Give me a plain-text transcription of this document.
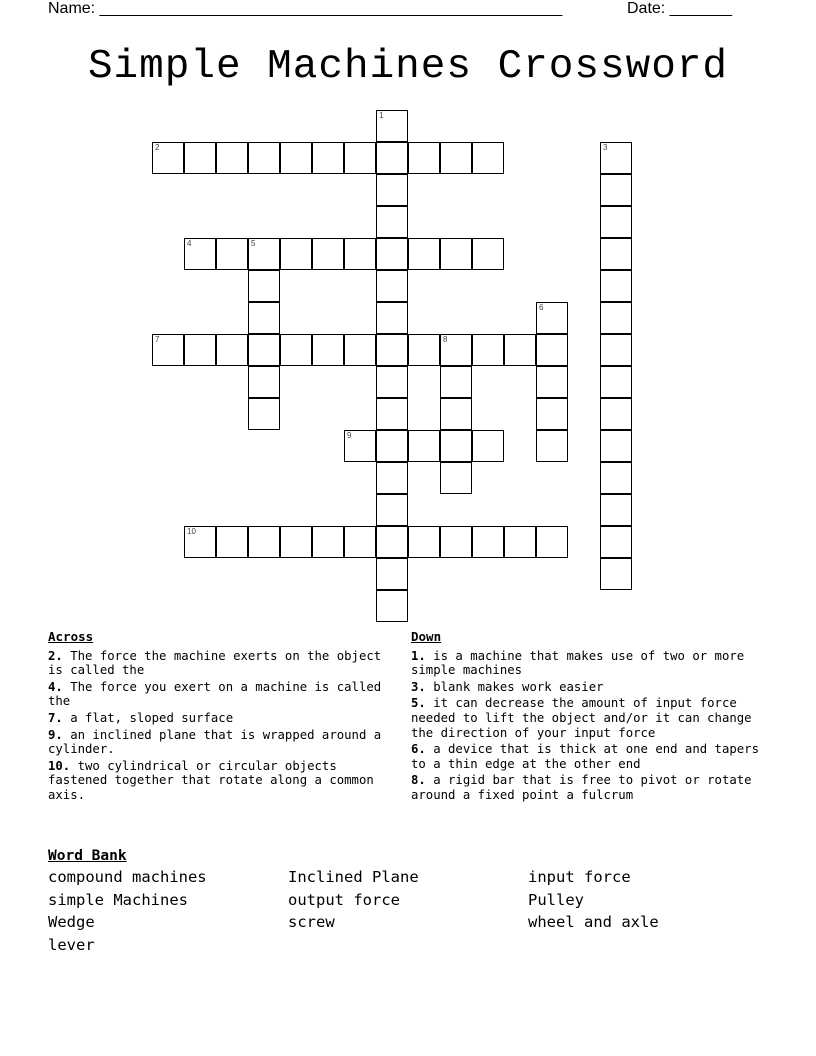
Name: ____________________________________________________	Date: _______
Simple Machines Crossword
1
2	3
4	5
6
7	8
9
10
Across
2. The force the machine exerts on the object is called the
4. The force you exert on a machine is called the
7. a flat, sloped surface
9. an inclined plane that is wrapped around a cylinder.
10. two cylindrical or circular objects fastened together that rotate along a common axis.
Down
1. is a machine that makes use of two or more simple machines
3. blank makes work easier
5. it can decrease the amount of input force needed to lift the object and/or it can change the direction of your input force
6. a device that is thick at one end and tapers to a thin edge at the other end
8. a rigid bar that is free to pivot or rotate around a fixed point a fulcrum
Word Bank
compound machines	Inclined Plane	input force
simple Machines	output force	Pulley
Wedge	screw	wheel and axle
lever
